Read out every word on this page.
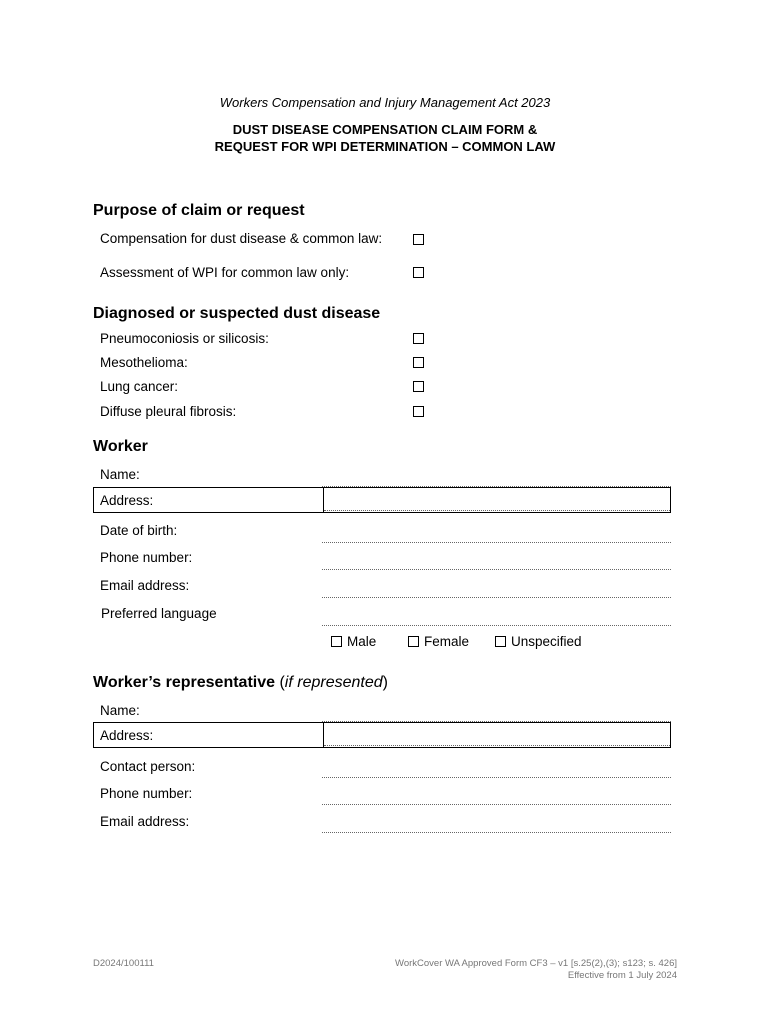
Workers Compensation and Injury Management Act 2023
DUST DISEASE COMPENSATION CLAIM FORM &
REQUEST FOR WPI DETERMINATION – COMMON LAW
Purpose of claim or request
Compensation for dust disease & common law:
Assessment of WPI for common law only:
Diagnosed or suspected dust disease
Pneumoconiosis or silicosis:
Mesothelioma:
Lung cancer:
Diffuse pleural fibrosis:
Worker
Name:
Address:
Date of birth:
Phone number:
Email address:
Preferred language
Male	Female	Unspecified
Worker’s representative (if represented)
Name:
Address:
Contact person:
Phone number:
Email address:
D2024/100111	WorkCover WA Approved Form CF3 – v1 [s.25(2),(3); s123; s. 426]
Effective from 1 July 2024
